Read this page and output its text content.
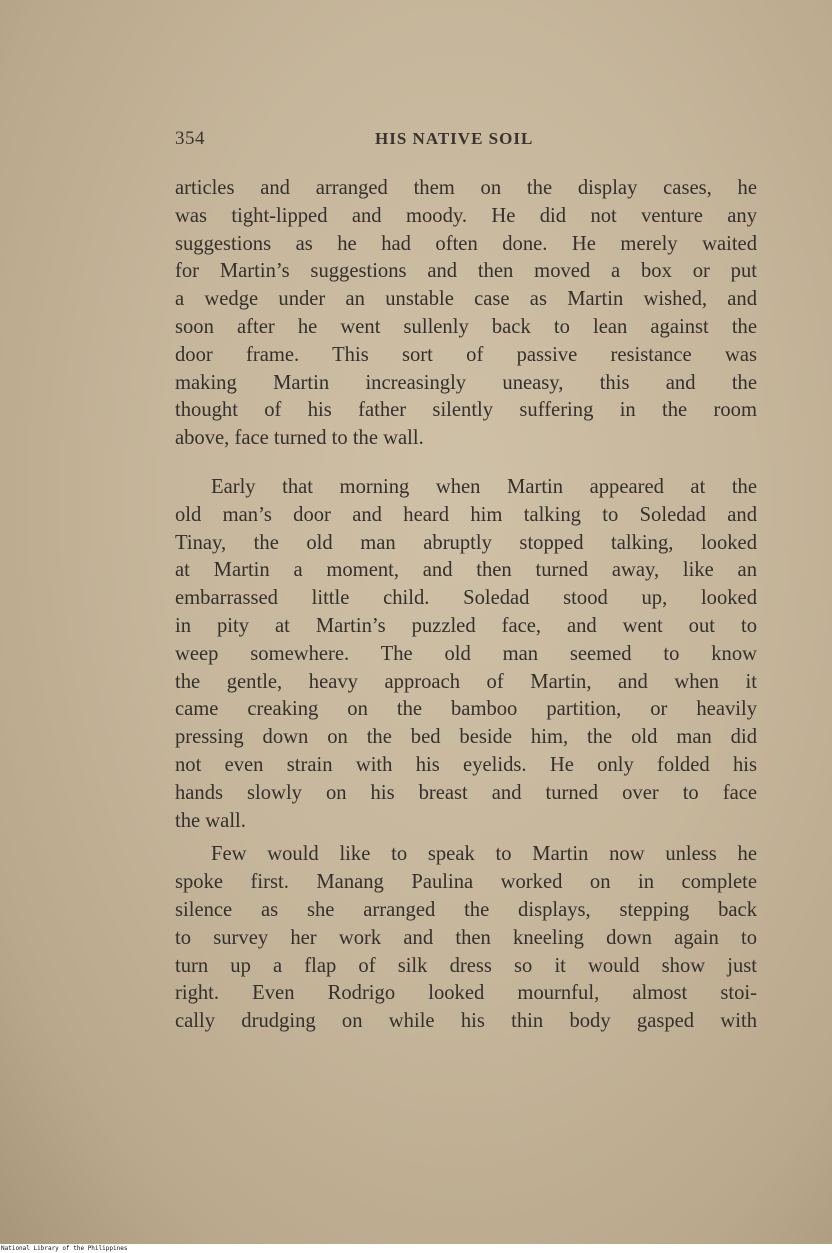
354	HIS NATIVE SOIL
articles and arranged them on the display cases, he
was tight-lipped and moody. He did not venture any
suggestions as he had often done. He merely waited
for Martin’s suggestions and then moved a box or put
a wedge under an unstable case as Martin wished, and
soon after he went sullenly back to lean against the
door frame. This sort of passive resistance was
making Martin increasingly uneasy, this and the
thought of his father silently suffering in the room
above, face turned to the wall.
Early that morning when Martin appeared at the
old man’s door and heard him talking to Soledad and
Tinay, the old man abruptly stopped talking, looked
at Martin a moment, and then turned away, like an
embarrassed little child. Soledad stood up, looked
in pity at Martin’s puzzled face, and went out to
weep somewhere. The old man seemed to know
the gentle, heavy approach of Martin, and when it
came creaking on the bamboo partition, or heavily
pressing down on the bed beside him, the old man did
not even strain with his eyelids. He only folded his
hands slowly on his breast and turned over to face
the wall.
Few would like to speak to Martin now unless he
spoke first. Manang Paulina worked on in complete
silence as she arranged the displays, stepping back
to survey her work and then kneeling down again to
turn up a flap of silk dress so it would show just
right. Even Rodrigo looked mournful, almost stoi-
cally drudging on while his thin body gasped with
National Library of the Philippines
